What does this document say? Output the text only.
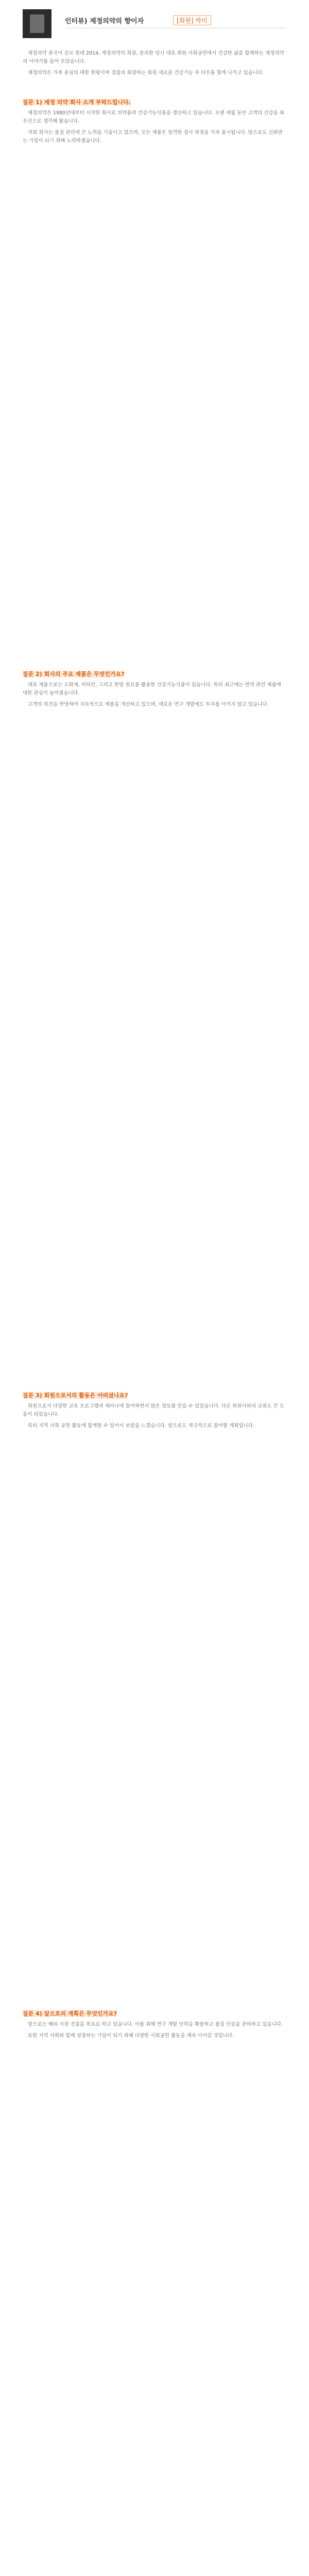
인터뷰) 제정의약의 향이자	[회원] 박미

제정의약 중국어 강모 원대 2014, 제정의약의 회장, 송의한 당시 대표 회원 사회공헌에서 건강한 삶을 함께하는 제정의약의 이야기를 들어 보았습니다.

제정의약은 가족 중심의 대한 한평이며 경험의 회장하는 회원 새로운 건강기능 꼭 다우를 향게 나가고 있습니다.

질문 1) 제정 의약 회사 소개 부탁드립니다.

제정의약은 1980년대부터 시작한 회사로 의약품과 건강기능식품을 생산하고 있습니다. 오랜 세월 동안 고객의 건강을 최우선으로 생각해 왔습니다.

저희 회사는 품질 관리에 큰 노력을 기울이고 있으며, 모든 제품은 엄격한 검사 과정을 거쳐 출시됩니다. 앞으로도 신뢰받는 기업이 되기 위해 노력하겠습니다.

질문 2) 회사의 주요 제품은 무엇인가요?

대표 제품으로는 소화제, 비타민, 그리고 한방 원료를 활용한 건강기능식품이 있습니다. 특히 최근에는 면역 관련 제품에 대한 관심이 높아졌습니다.

고객의 의견을 반영하여 지속적으로 제품을 개선하고 있으며, 새로운 연구 개발에도 투자를 아끼지 않고 있습니다.

질문 3) 회원으로서의 활동은 어떠셨나요?

회원으로서 다양한 교육 프로그램과 세미나에 참여하면서 많은 정보를 얻을 수 있었습니다. 다른 회원사와의 교류도 큰 도움이 되었습니다.

특히 지역 사회 공헌 활동에 함께할 수 있어서 보람을 느꼈습니다. 앞으로도 적극적으로 참여할 계획입니다.

질문 4) 앞으로의 계획은 무엇인가요?

앞으로는 해외 시장 진출을 목표로 하고 있습니다. 이를 위해 연구 개발 인력을 확충하고 품질 인증을 준비하고 있습니다.

또한 지역 사회와 함께 성장하는 기업이 되기 위해 다양한 사회공헌 활동을 계속 이어갈 것입니다.
